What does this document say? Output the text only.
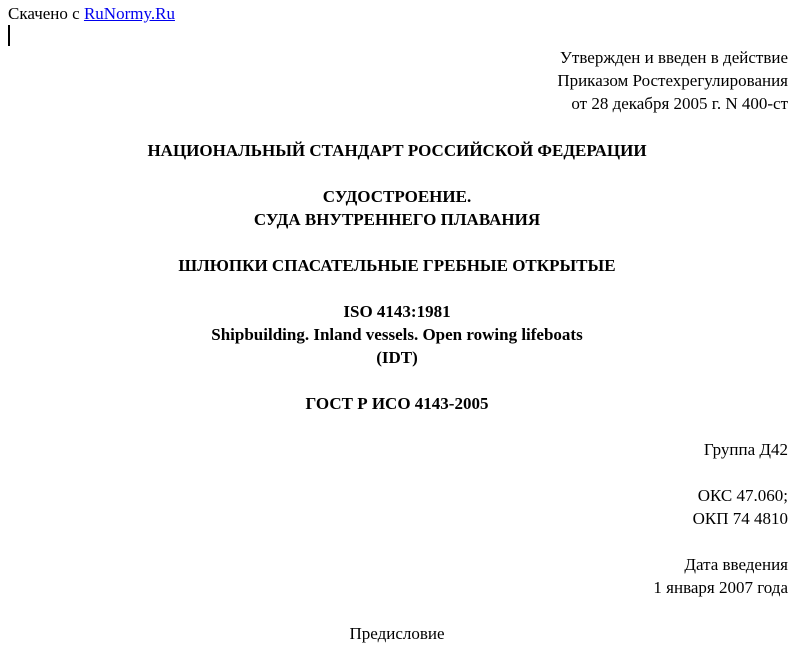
Скачено с RuNormy.Ru
Утвержден и введен в действие
Приказом Ростехрегулирования
от 28 декабря 2005 г. N 400-ст
НАЦИОНАЛЬНЫЙ СТАНДАРТ РОССИЙСКОЙ ФЕДЕРАЦИИ
СУДОСТРОЕНИЕ.
СУДА ВНУТРЕННЕГО ПЛАВАНИЯ
ШЛЮПКИ СПАСАТЕЛЬНЫЕ ГРЕБНЫЕ ОТКРЫТЫЕ
ISO 4143:1981
Shipbuilding. Inland vessels. Open rowing lifeboats
(IDT)
ГОСТ Р ИСО 4143-2005
Группа Д42
ОКС 47.060;
ОКП 74 4810
Дата введения
1 января 2007 года
Предисловие
